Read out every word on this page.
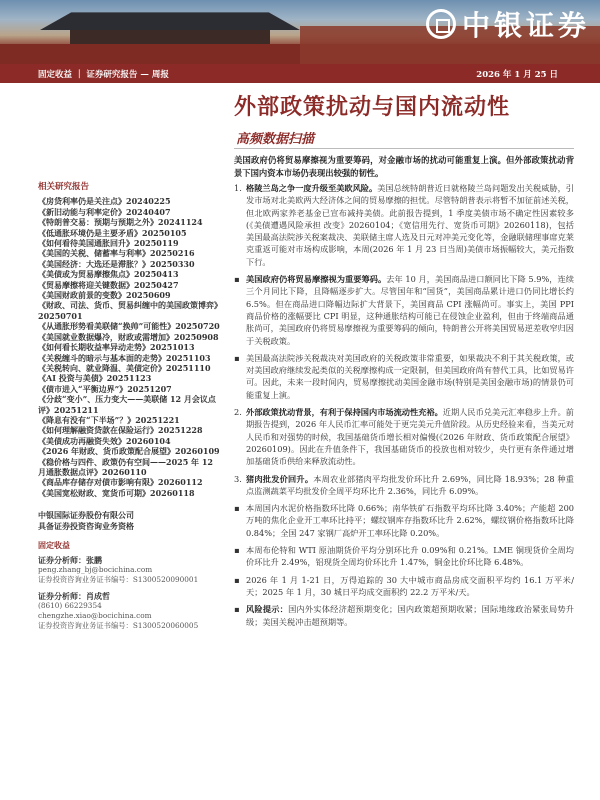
中银证券
固定收益 ｜ 证券研究报告 — 周报	2026 年 1 月 25 日
外部政策扰动与国内流动性
高频数据扫描
美国政府仍将贸易摩擦视为重要筹码，对金融市场的扰动可能重复上演。但外部政策扰动背景下国内资本市场仍表现出较强的韧性。
相关研究报告
《房贷利率仍是关注点》20240225
《新旧动能与利率定价》20240407
《特朗普交易：预期与预期之外》20241124
《低通胀环境仍是主要矛盾》20250105
《如何看待美国通胀回升》20250119
《美国的关税、储蓄率与利率》20250216
《美国经济：大选还是滞胀？》20250330
《美债或为贸易摩擦焦点》20250413
《贸易摩擦将迎关键数据》20250427
《美国财政前景的变数》20250609
《财政、司法、货币、贸易纠缠中的美国政策博弈》20250701
《从通胀形势看美联储“换帅”可能性》20250720
《美国就业数据爆冷，财政或需增加》20250908
《如何看长期收益率异动走势》20251013
《关税缠斗的暗示与基本面的走势》20251103
《关税转向、就业降温、美债定价》20251110
《AI 投资与美债》20251123
《债市进入“平衡边界”》20251207
《分歧“变小”、压力变大——美联储 12 月会议点评》20251211
《降息有没有“下半场”？》20251221
《如何理解融资贷款在保险运行》20251228
《美债成功再融资失效》20260104
《2026 年财政、货币政策配合展望》20260109
《稳价格与四件、政策仍有空间——2025 年 12 月通胀数据点评》20260110
《商品库存储存对债市影响有限》20260112
《美国宽松财政、宽货币可期》20260118
中银国际证券股份有限公司
具备证券投资咨询业务资格
固定收益
证券分析师：张鹏
peng.zhang_bj@bocichina.com
证券投资咨询业务证书编号：S1300520090001
证券分析师：肖成哲
(8610) 66229354
chengzhe.xiao@bocichina.com
证券投资咨询业务证书编号：S1300520060005
1. 格陵兰岛之争一度升级至美欧风险。美国总统特朗普近日就格陵兰岛问题发出关税威胁，引发市场对北美欧两大经济体之间的贸易摩擦的担忧。尽管特朗普表示将暂不加征前述关税，但北欧两家养老基金已宣布减持美债。此前报告提到，1 季度美债市场不确定性因素较多(《美债遭遇风险承担 改变》20260104；《宽信用先行、宽货币可期》20260118)，包括美国最高法院涉关税案裁决、美联储主席人选及日元对冲美元变化等，金融联储理事席克莱克重返可能对市场构成影响，本周(2026 年 1 月 23 日当周)美债市场振幅较大，美元指数下行。
▪ 美国政府仍将贸易摩擦视为重要筹码。去年 10 月，美国商品进口额同比下降 5.9%，连续三个月同比下降，且降幅逐步扩大。尽管国年和“国货”，美国商品累计进口仍同比增长约 6.5%。但在商品进口降幅边际扩大背景下，美国商品 CPI 涨幅尚可。事实上，美国 PPI 商品价格的涨幅要比 CPI 明显，这种通胀结构可能已在侵蚀企业盈利，但由于终端商品通胀尚可，美国政府仍将贸易摩擦视为重要筹码的倾向，特朗普公开将美国贸易逆差收窄归因于关税政策。
▪ 美国最高法院涉关税裁决对美国政府的关税政策非常重要，如果裁决不利于其关税政策，或对美国政府继续发起类似的关税摩擦构成一定限制，但美国政府尚有替代工具，比如贸易许可。因此，未来一段时间内，贸易摩擦扰动美国金融市场(特别是美国金融市场)的情景仍可能重复上演。
2. 外部政策扰动背景，有利于保持国内市场流动性充裕。近期人民币兑美元汇率稳步上升。前期报告提到，2026 年人民币汇率可能处于更完美元升值阶段。从历史经验来看，当美元对人民币和对强势的时候，我国基础货币增长相对偏慢(《2026 年财政、货币政策配合展望》20260109)。因此在升值条件下，我国基础货币的投放也相对较少，央行更有条件通过增加基础货币供给来释放流动性。
3. 猪肉批发价回升。本周农业部猪肉平均批发价环比升 2.69%，同比降 18.93%；28 种重点监测蔬菜平均批发价全周平均环比升 2.36%，同比升 6.09%。
▪ 本周国内水泥价格指数环比降 0.66%；南华铁矿石指数平均环比降 3.40%；产能超 200 万吨的焦化企业开工率环比持平；螺纹钢库存指数环比升 2.62%，螺纹钢价格指数环比降 0.84%；全国 247 家钢厂高炉开工率环比降 0.20%。
▪ 本周布伦特和 WTI 原油期货价平均分别环比升 0.09%和 0.21%。LME 铜现货价全周均价环比升 2.49%，铝现货全周均价环比升 1.47%，铜金比价环比降 6.48%。
▪ 2026 年 1 月 1-21 日，万得追踪的 30 大中城市商品房成交面积平均约 16.1 万平米/天；2025 年 1 月，30 城日平均成交面积约 22.2 万平米/天。
▪ 风险提示：国内外实体经济超预期变化；国内政策超预期收紧；国际地缘政治紧张局势升级；美国关税冲击超预期等。
